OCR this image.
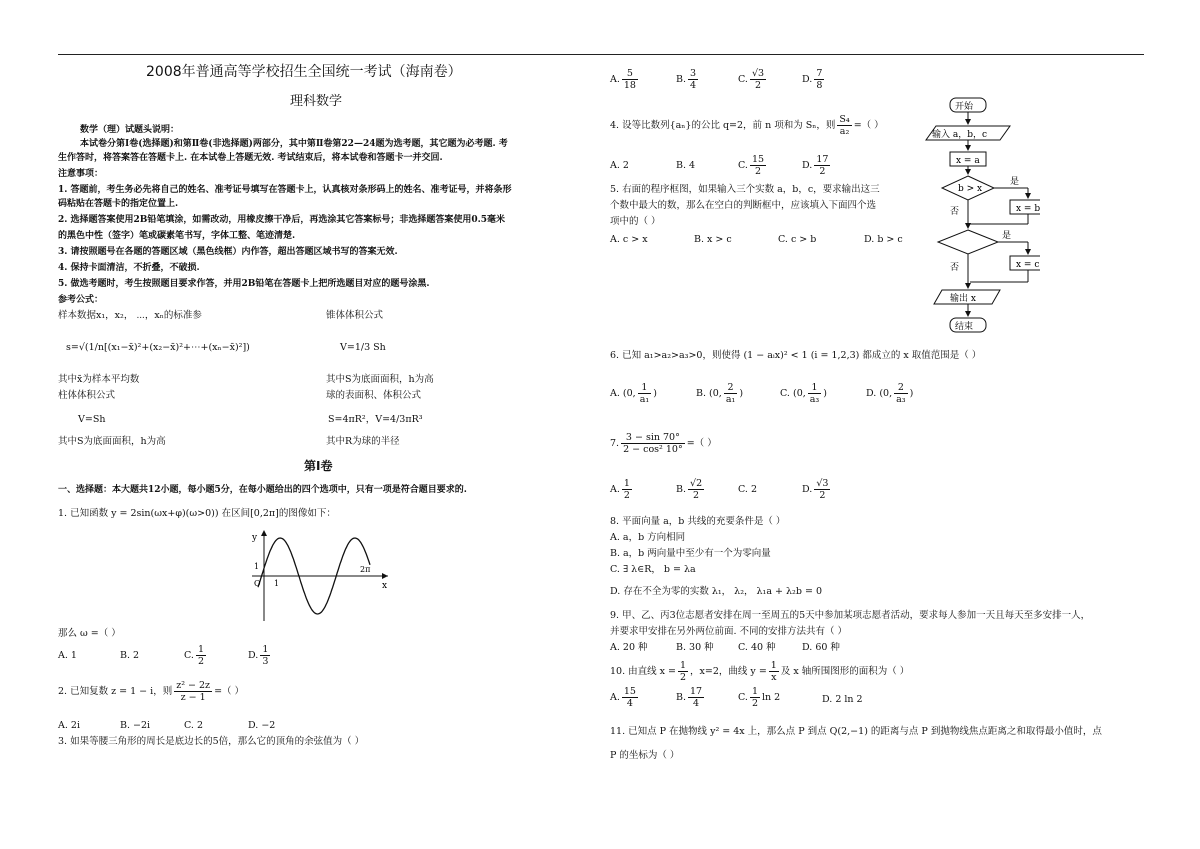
2008年普通高等学校招生全国统一考试（海南卷）
理科数学
数学（理）试题头说明：
本试卷分第Ⅰ卷(选择题)和第Ⅱ卷(非选择题)两部分，其中第Ⅱ卷第22—24题为选考题，其它题为必考题. 考
生作答时，将答案答在答题卡上. 在本试卷上答题无效. 考试结束后，将本试卷和答题卡一并交回.
注意事项：
1. 答题前，考生务必先将自己的姓名、准考证号填写在答题卡上，认真核对条形码上的姓名、准考证号，并将条形
码粘贴在答题卡的指定位置上.
2. 选择题答案使用2B铅笔填涂，如需改动，用橡皮擦干净后，再选涂其它答案标号；非选择题答案使用0.5毫米
的黑色中性（签字）笔或碳素笔书写，字体工整、笔迹清楚.
3. 请按照题号在各题的答题区域（黑色线框）内作答，超出答题区域书写的答案无效.
4. 保持卡面清洁，不折叠，不破损.
5. 做选考题时，考生按照题目要求作答，并用2B铅笔在答题卡上把所选题目对应的题号涂黑.
参考公式：
样本数据x₁，x₂， ⋯，xₙ的标准参	锥体体积公式
s=√(1/n[(x₁−x̄)²+(x₂−x̄)²+⋯+(xₙ−x̄)²])	V=1/3 Sh
其中x̄为样本平均数	其中S为底面面积，h为高
柱体体积公式	球的表面积、体积公式
V=Sh	S=4πR²，V=4/3πR³
其中S为底面面积，h为高	其中R为球的半径
第Ⅰ卷
一、选择题：本大题共12小题，每小题5分，在每小题给出的四个选项中，只有一项是符合题目要求的.
1. 已知函数 y = 2sin(ωx+φ)(ω>0)) 在区间[0,2π]的图像如下：
y
x
1
O 1
2π
那么 ω =（ ）
A. 1	B. 2	C. $\frac{1}{2}$	D. $\frac{1}{3}$
2. 已知复数 z = 1 − i，则 $\frac{\text{z² − 2z}}{z - 1}$ =（ ）
A. 2i	B. −2i	C. 2	D. −2
3. 如果等腰三角形的周长是底边长的5倍，那么它的顶角的余弦值为（ ）
A. $\frac{5}{18}$	B. $\frac{3}{4}$	C. $\frac{√3}{2}$	D. $\frac{7}{8}$
4. 设等比数列{aₙ}的公比 q=2，前 n 项和为 Sₙ，则 $\frac{\text{S₄}}{\text{a₂}}$ =（ ）
A. 2	B. 4	C. $\frac{15}{2}$	D. $\frac{17}{2}$
5. 右面的程序框图，如果输入三个实数 a，b，c，要求输出这三
个数中最大的数，那么在空白的判断框中，应该填入下面四个选
项中的（ ）
A. c > x	B. x > c	C. c > b	D. b > c
开始
输入 a，b，c
x = a
b > x
是
x = b
否
是
x = c
否
输出 x
结束
6. 已知 a₁>a₂>a₃>0，则使得 (1 − aᵢx)² < 1 (i = 1,2,3) 都成立的 x 取值范围是（ ）
A. (0, $\frac{1}{\text{a₁}}$ )	B. (0, $\frac{2}{\text{a₁}}$ )	C. (0, $\frac{1}{\text{a₃}}$ )	D. (0, $\frac{2}{\text{a₃}}$ )
7. $\frac{3 - \sin 70^\circ}{\text{2 − cos² 10°}}$ =（ ）
A. $\frac{1}{2}$	B. $\frac{√2}{2}$	C. 2	D. $\frac{√3}{2}$
8. 平面向量 a，b 共线的充要条件是（ ）
A. a，b 方向相同
B. a，b 两向量中至少有一个为零向量
C. ∃ λ∈R， b = λa
D. 存在不全为零的实数 λ₁， λ₂， λ₁a + λ₂b = 0
9. 甲、乙、丙3位志愿者安排在周一至周五的5天中参加某项志愿者活动，要求每人参加一天且每天至多安排一人，
并要求甲安排在另外两位前面. 不同的安排方法共有（ ）
A. 20 种	B. 30 种	C. 40 种	D. 60 种
10. 由直线 $x = \frac{1}{2}$ ，x=2，曲线 $y = \frac{1}{x}$ 及 x 轴所围图形的面积为（ ）
A. $\frac{15}{4}$	B. $\frac{17}{4}$	C. $\frac{1}{2}$ ln 2	D. 2 ln 2
11. 已知点 P 在抛物线 y² = 4x 上，那么点 P 到点 Q(2,−1) 的距离与点 P 到抛物线焦点距离之和取得最小值时，点
P 的坐标为（ ）
